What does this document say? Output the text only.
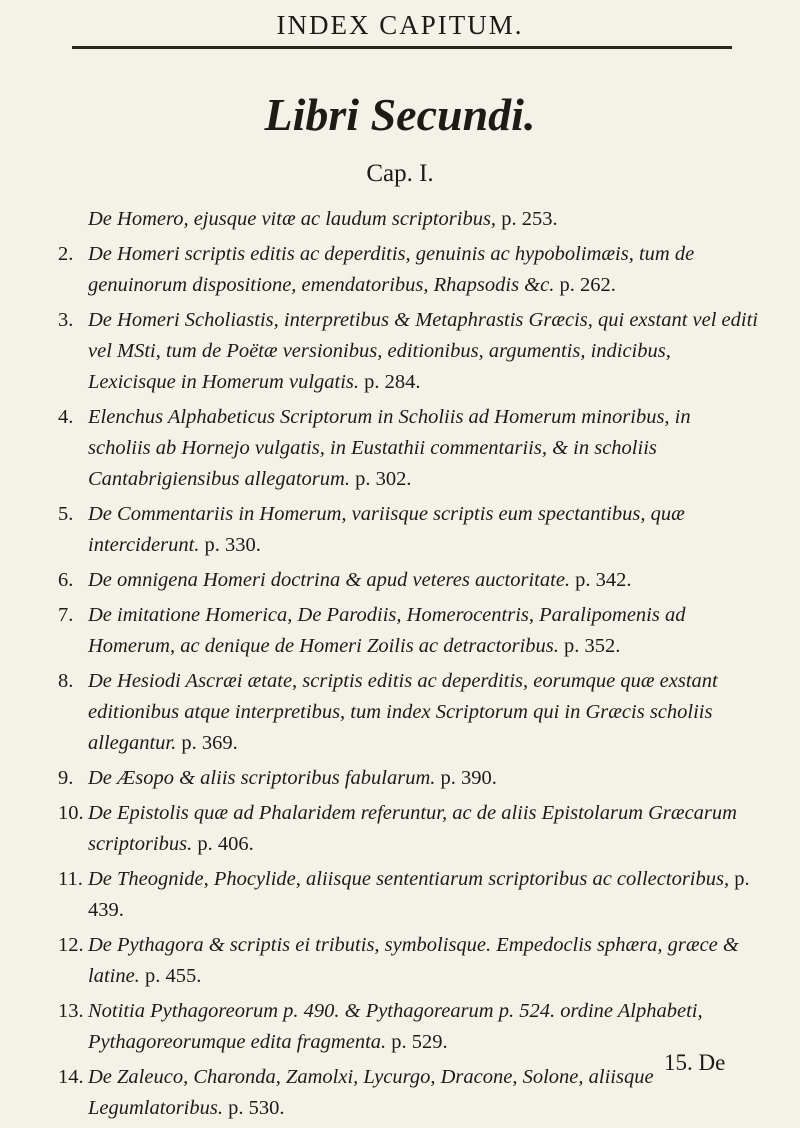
INDEX CAPITUM.
Libri Secundi.
Cap. I.
De Homero, ejusque vitæ ac laudum scriptoribus, p. 253.
2. De Homeri scriptis editis ac deperditis, genuinis ac hypobolimæis, tum de genuinorum dispositione, emendatoribus, Rhapsodis &c. p. 262.
3. De Homeri Scholiastis, interpretibus & Metaphrastis Græcis, qui exstant vel editi vel MSti, tum de Poëtæ versionibus, editionibus, argumentis, indicibus, Lexicisque in Homerum vulgatis. p. 284.
4. Elenchus Alphabeticus Scriptorum in Scholiis ad Homerum minoribus, in scholiis ab Hornejo vulgatis, in Eustathii commentariis, & in scholiis Cantabrigiensibus allegatorum. p. 302.
5. De Commentariis in Homerum, variisque scriptis eum spectantibus, quæ interciderunt. p. 330.
6. De omnigena Homeri doctrina & apud veteres auctoritate. p. 342.
7. De imitatione Homerica, De Parodiis, Homerocentris, Paralipomenis ad Homerum, ac denique de Homeri Zoilis ac detractoribus. p. 352.
8. De Hesiodi Ascræi ætate, scriptis editis ac deperditis, eorumque quæ exstant editionibus atque interpretibus, tum index Scriptorum qui in Græcis scholiis allegantur. p. 369.
9. De Æsopo & aliis scriptoribus fabularum. p. 390.
10. De Epistolis quæ ad Phalaridem referuntur, ac de aliis Epistolarum Græcarum scriptoribus. p. 406.
11. De Theognide, Phocylide, aliisque sententiarum scriptoribus ac collectoribus, p. 439.
12. De Pythagora & scriptis ei tributis, symbolisque. Empedoclis sphæra, græce & latine. p. 455.
13. Notitia Pythagoreorum p. 490. & Pythagorearum p. 524. ordine Alphabeti, Pythagoreorumque edita fragmenta. p. 529.
14. De Zaleuco, Charonda, Zamolxi, Lycurgo, Dracone, Solone, aliisque Legumlatoribus. p. 530.
15. De
